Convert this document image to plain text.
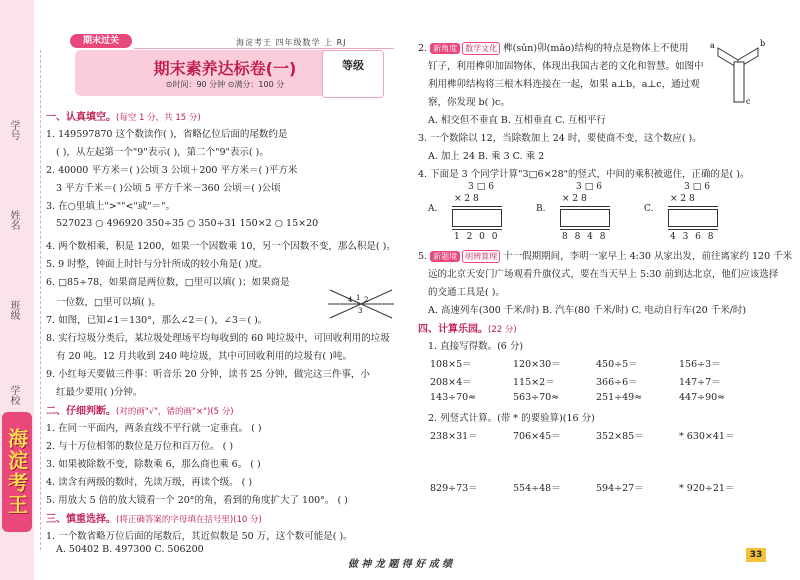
学号
姓名
班级
学校
海淀考王
期末过关	海淀考王 四年级数学 上 RJ
期末素养达标卷(一)
⊙时间：90 分钟 ⊙满分：100 分
等级
一、认真填空。(每空 1 分，共 15 分)
1. 149597870 这个数读作( )，省略亿位后面的尾数约是
( )，从左起第一个"9"表示( )，第二个"9"表示( )。
2. 40000 平方米＝( )公顷 3 公顷＋200 平方米＝( )平方米
3 平方千米＝( )公顷 5 平方千米－360 公顷＝( )公顷
3. 在○里填上">""<"或"＝"。
527023 ○ 496920 350÷35 ○ 350÷31 150×2 ○ 15×20
4. 两个数相乘，积是 1200，如果一个因数乘 10，另一个因数不变，那么积是( )。
5. 9 时整，钟面上时针与分针所成的较小角是( )度。
6. □85÷78，如果商是两位数，□里可以填( )；如果商是
一位数，□里可以填( )。
7. 如图，已知∠1＝130°，那么∠2＝( )，∠3＝( )。
8. 实行垃圾分类后，某垃圾处理场平均每收到的 60 吨垃圾中，可回收利用的垃圾
有 20 吨。12 月共收到 240 吨垃圾，其中可回收利用的垃圾有( )吨。
9. 小红每天要做三件事：听音乐 20 分钟，读书 25 分钟，做完这三件事，小
红最少要用( )分钟。
4 1 2
3
二、仔细判断。(对的画"√"，错的画"×")(5 分)
1. 在同一平面内，两条直线不平行就一定垂直。 ( )
2. 与十万位相邻的数位是万位和百万位。 ( )
3. 如果被除数不变，除数乘 6，那么商也乘 6。 ( )
4. 读含有两级的数时，先读万级，再读个级。 ( )
5. 用放大 5 倍的放大镜看一个 20°的角，看到的角度扩大了 100°。 ( )
三、慎重选择。(将正确答案的字母填在括号里)(10 分)
1. 一个数省略万位后面的尾数后，其近似数是 50 万，这个数可能是( )。
A. 50402 B. 497300 C. 506200
2. 新角度 数学文化 榫(sǔn)卯(mǎo)结构的特点是物体上不使用
钉子，利用榫卯加固物体，体现出我国古老的文化和智慧。如图中
利用榫卯结构将三根木料连接在一起，如果 a⊥b，a⊥c，通过观
察，你发现 b( )c。
A. 相交但不垂直 B. 互相垂直 C. 互相平行
a	b
c
3. 一个数除以 12，当除数加上 24 时，要使商不变，这个数应( )。
A. 加上 24 B. 乘 3 C. 乘 2
4. 下面是 3 个同学计算"3□6×28"的竖式，中间的乘积被遮住，正确的是( )。
A.
3□6
× 2 8
1 2 0 0
B.
3□6
× 2 8
8 8 4 8
C.
3□6
× 2 8
4 3 6 8
5. 新题境 明辨算理 十一假期期间，李明一家早上 4:30 从家出发，前往离家约 120 千米
远的北京天安门广场观看升旗仪式，要在当天早上 5:30 前到达北京，他们应该选择
的交通工具是( )。
A. 高速列车(300 千米/时) B. 汽车(80 千米/时) C. 电动自行车(20 千米/时)
四、计算乐园。(22 分)
1. 直接写得数。(6 分)
108×5＝	120×30＝	450÷5＝	156÷3＝
208×4＝	115×2＝	366÷6＝	147÷7＝
143÷70≈	563÷70≈	251÷49≈	447÷90≈
2. 列竖式计算。(带 * 的要验算)(16 分)
238×31＝	706×45＝	352×85＝	* 630×41＝
829÷73＝	554÷48＝	594÷27＝	* 920÷21＝
做 神 龙 题 得 好 成 绩
33
